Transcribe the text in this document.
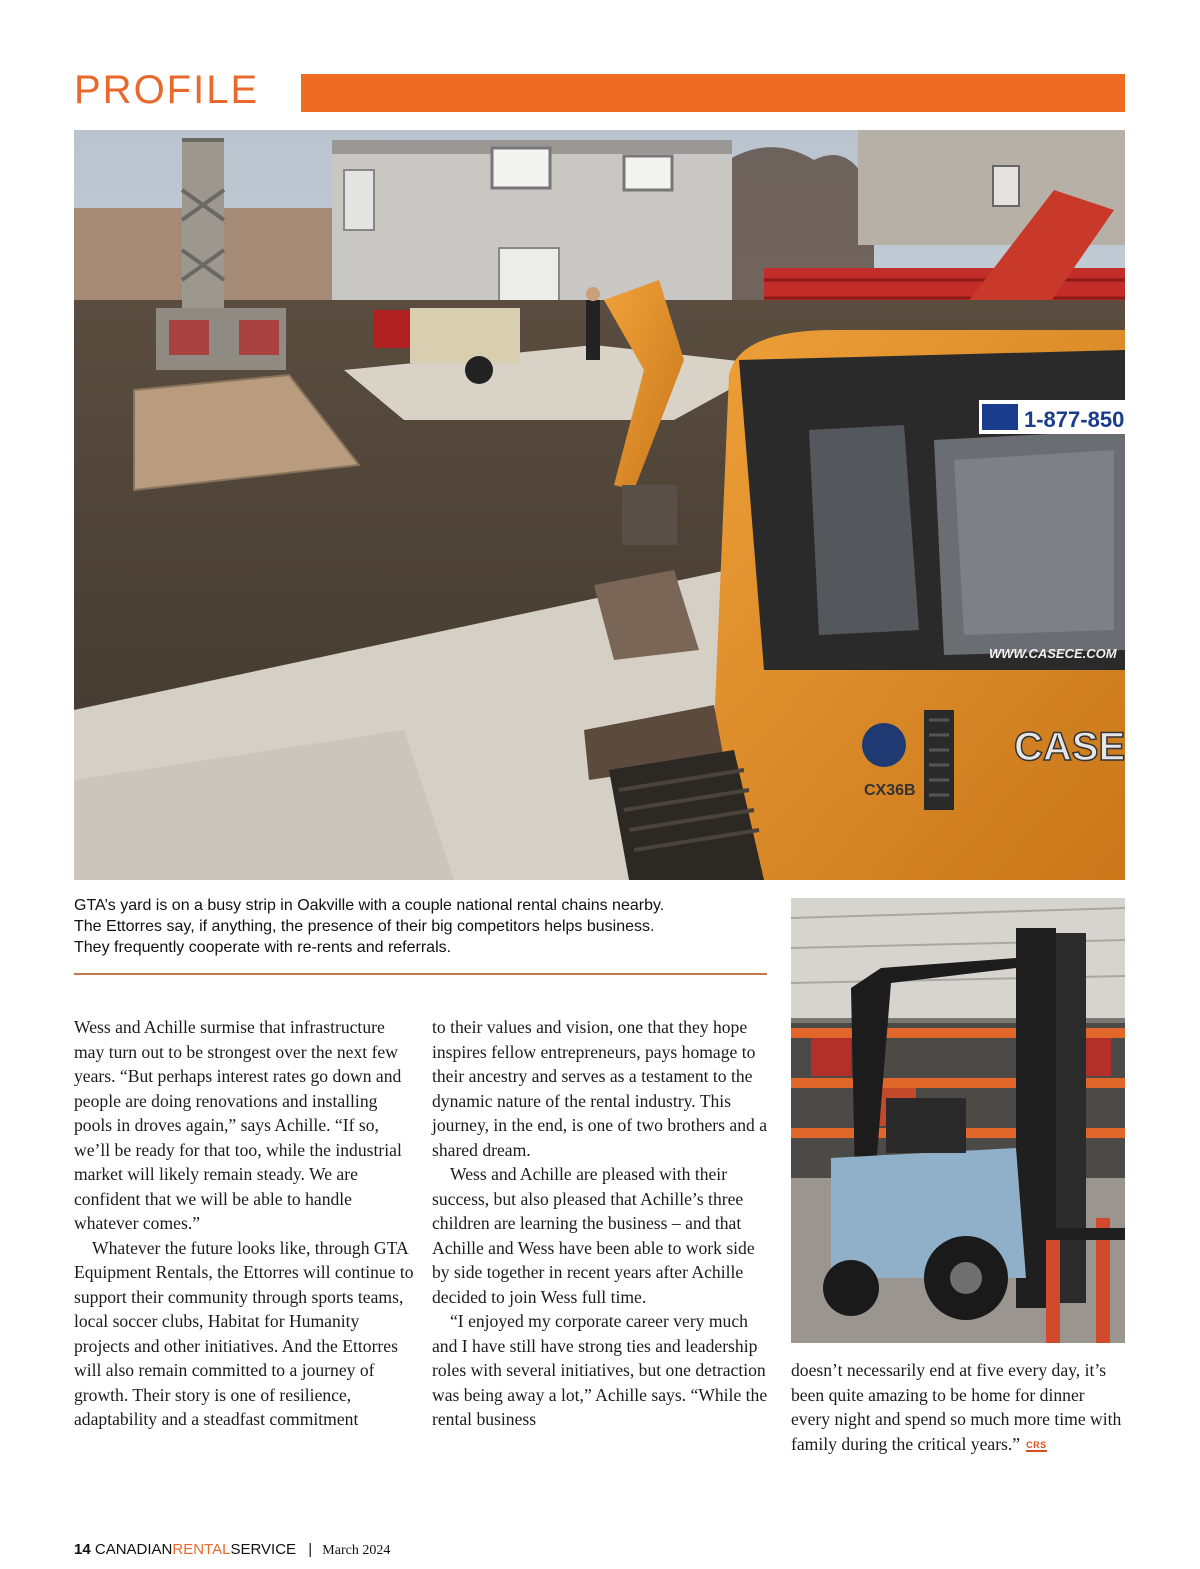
PROFILE
1-877-850
CASE
WWW.CASECE.COM
CX36B

GTA’s yard is on a busy strip in Oakville with a couple national rental chains nearby.

The Ettorres say, if anything, the presence of their big competitors helps business.

They frequently cooperate with re-rents and referrals.

Wess and Achille surmise that infrastructure may turn out to be strongest over the next few years. “But perhaps interest rates go down and people are doing renovations and installing pools in droves again,” says Achille. “If so, we’ll be ready for that too, while the industrial market will likely remain steady. We are confident that we will be able to handle whatever comes.”

Whatever the future looks like, through GTA Equipment Rentals, the Ettorres will continue to support their community through sports teams, local soccer clubs, Habitat for Humanity projects and other initiatives. And the Ettorres will also remain committed to a journey of growth. Their story is one of resilience, adaptability and a steadfast commitment

to their values and vision, one that they hope inspires fellow entrepreneurs, pays homage to their ancestry and serves as a testament to the dynamic nature of the rental industry. This journey, in the end, is one of two brothers and a shared dream.

Wess and Achille are pleased with their success, but also pleased that Achille’s three children are learning the business – and that Achille and Wess have been able to work side by side together in recent years after Achille decided to join Wess full time.

“I enjoyed my corporate career very much and I have still have strong ties and leadership roles with several initiatives, but one detraction was being away a lot,” Achille says. “While the rental business

doesn’t necessarily end at five every day, it’s been quite amazing to be home for dinner every night and spend so much more time with family during the critical years.” CRS

14 CANADIANRENTALSERVICE | March 2024
